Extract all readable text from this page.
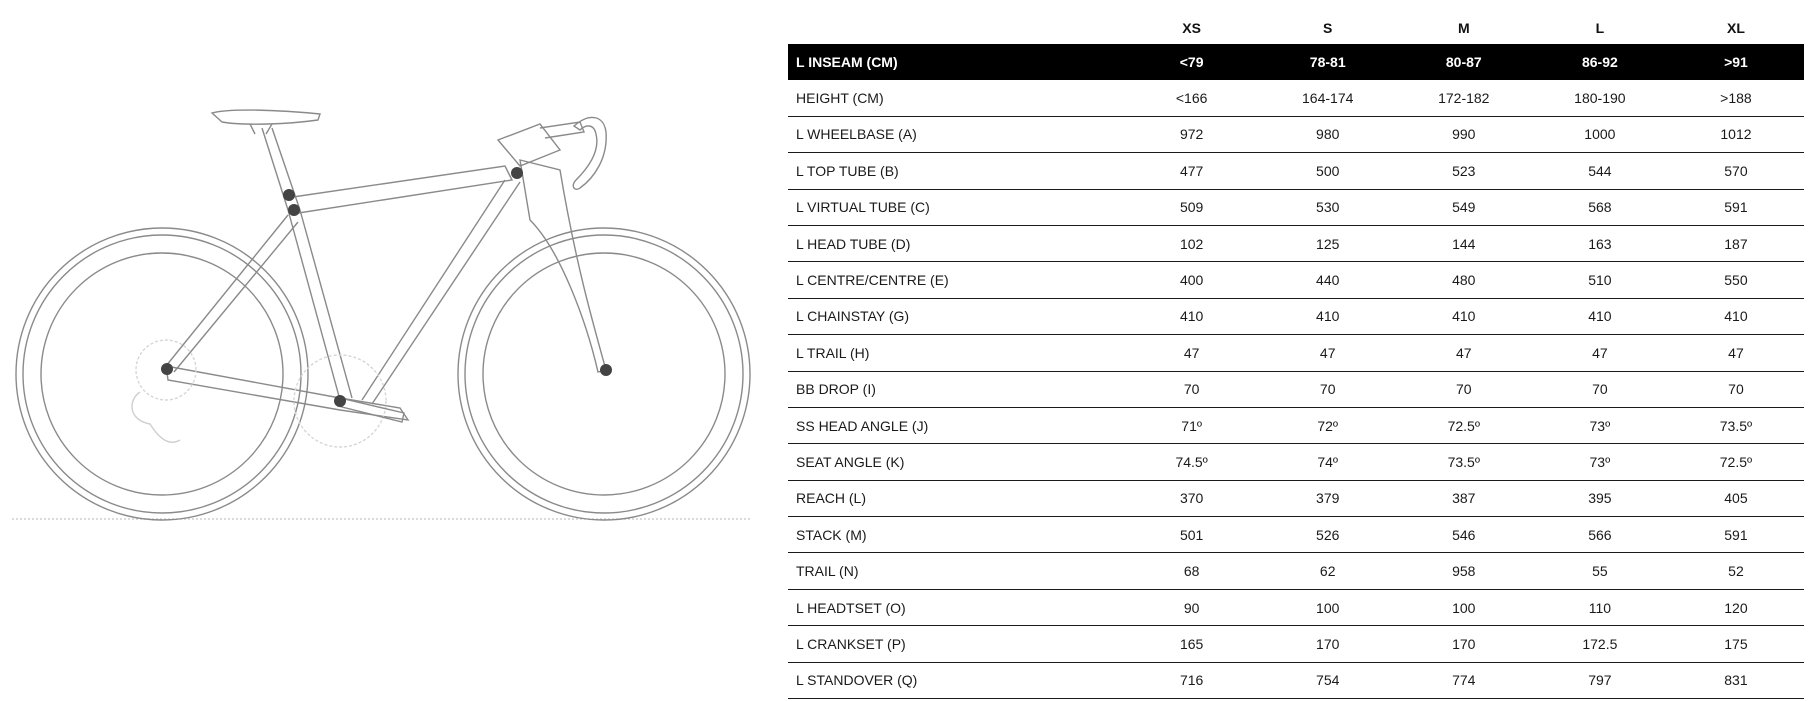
	XS	S	M	L	XL
L INSEAM (CM)	<79	78-81	80-87	86-92	>91
HEIGHT (CM)	<166	164-174	172-182	180-190	>188
L WHEELBASE (A)	972	980	990	1000	1012
L TOP TUBE (B)	477	500	523	544	570
L VIRTUAL TUBE (C)	509	530	549	568	591
L HEAD TUBE (D)	102	125	144	163	187
L CENTRE/CENTRE (E)	400	440	480	510	550
L CHAINSTAY (G)	410	410	410	410	410
L TRAIL (H)	47	47	47	47	47
BB DROP (I)	70	70	70	70	70
SS HEAD ANGLE (J)	71º	72º	72.5º	73º	73.5º
SEAT ANGLE (K)	74.5º	74º	73.5º	73º	72.5º
REACH (L)	370	379	387	395	405
STACK (M)	501	526	546	566	591
TRAIL (N)	68	62	958	55	52
L HEADTSET (O)	90	100	100	110	120
L CRANKSET (P)	165	170	170	172.5	175
L STANDOVER (Q)	716	754	774	797	831
